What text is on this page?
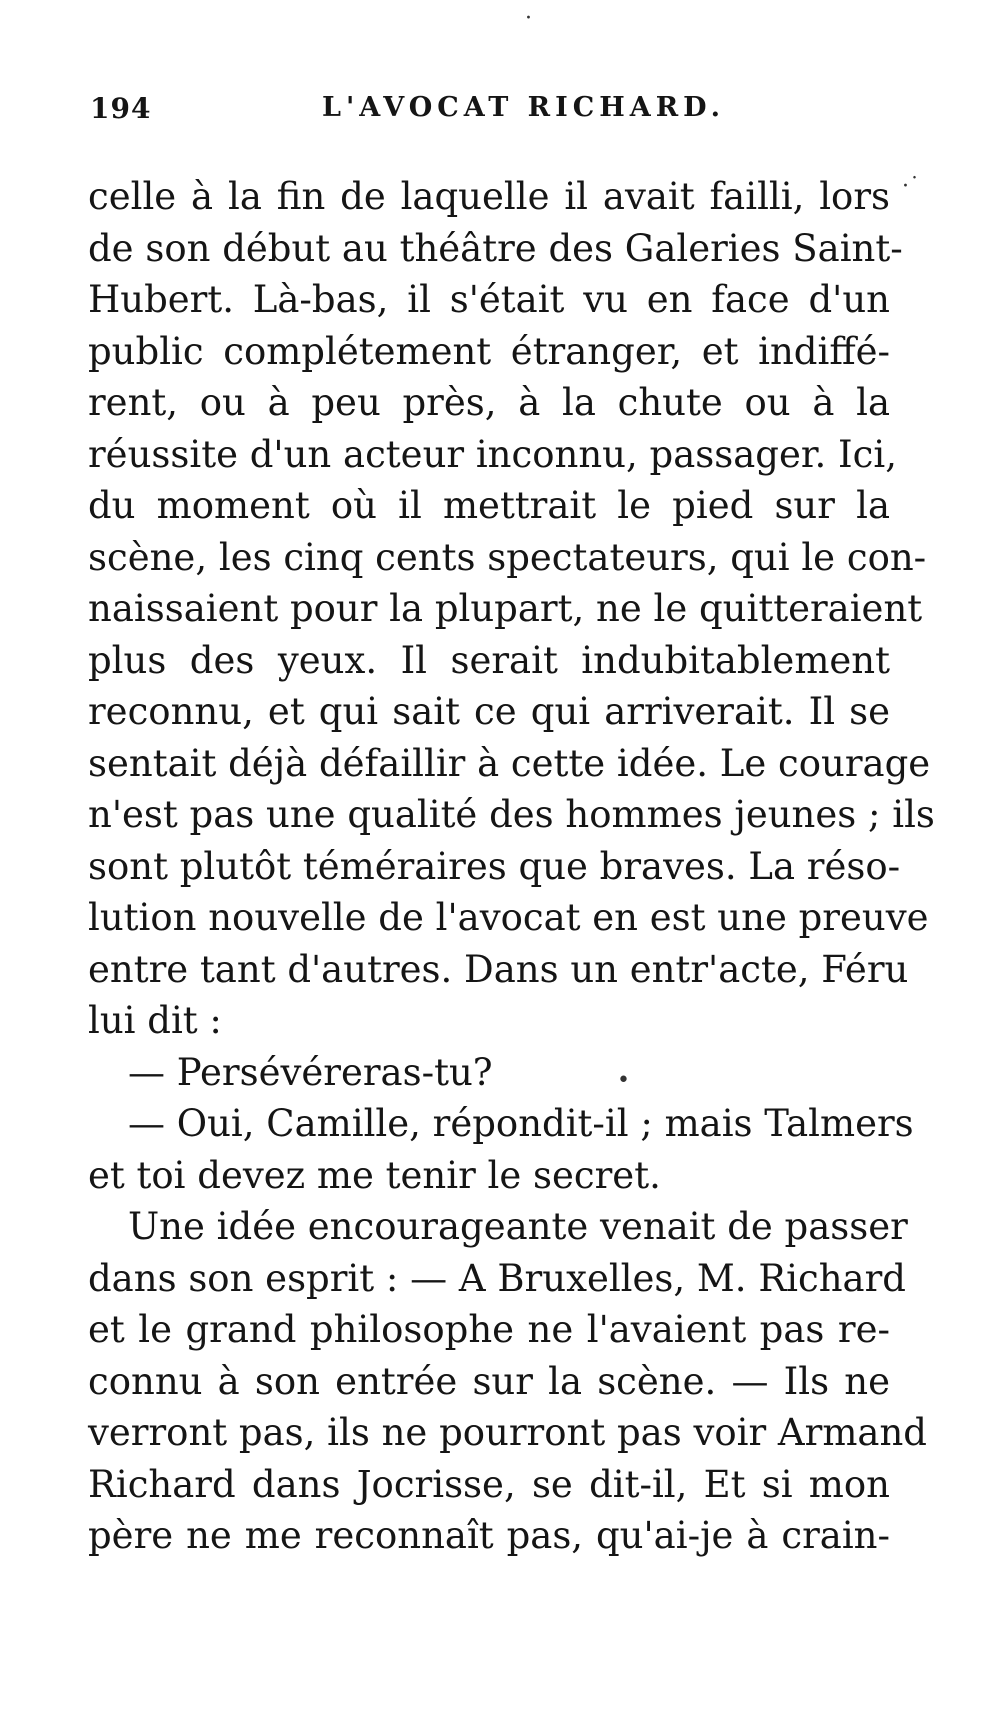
194	L'AVOCAT RICHARD.
celle à la fin de laquelle il avait failli, lors
de son début au théâtre des Galeries Saint-
Hubert. Là-bas, il s'était vu en face d'un
public complétement étranger, et indiffé-
rent, ou à peu près, à la chute ou à la
réussite d'un acteur inconnu, passager. Ici,
du moment où il mettrait le pied sur la
scène, les cinq cents spectateurs, qui le con-
naissaient pour la plupart, ne le quitteraient
plus des yeux. Il serait indubitablement
reconnu, et qui sait ce qui arriverait. Il se
sentait déjà défaillir à cette idée. Le courage
n'est pas une qualité des hommes jeunes ; ils
sont plutôt téméraires que braves. La réso-
lution nouvelle de l'avocat en est une preuve
entre tant d'autres. Dans un entr'acte, Féru
lui dit :
— Persévéreras-tu?
— Oui, Camille, répondit-il ; mais Talmers
et toi devez me tenir le secret.
Une idée encourageante venait de passer
dans son esprit : — A Bruxelles, M. Richard
et le grand philosophe ne l'avaient pas re-
connu à son entrée sur la scène. — Ils ne
verront pas, ils ne pourront pas voir Armand
Richard dans Jocrisse, se dit-il, Et si mon
père ne me reconnaît pas, qu'ai-je à crain-
·˙
•
·
